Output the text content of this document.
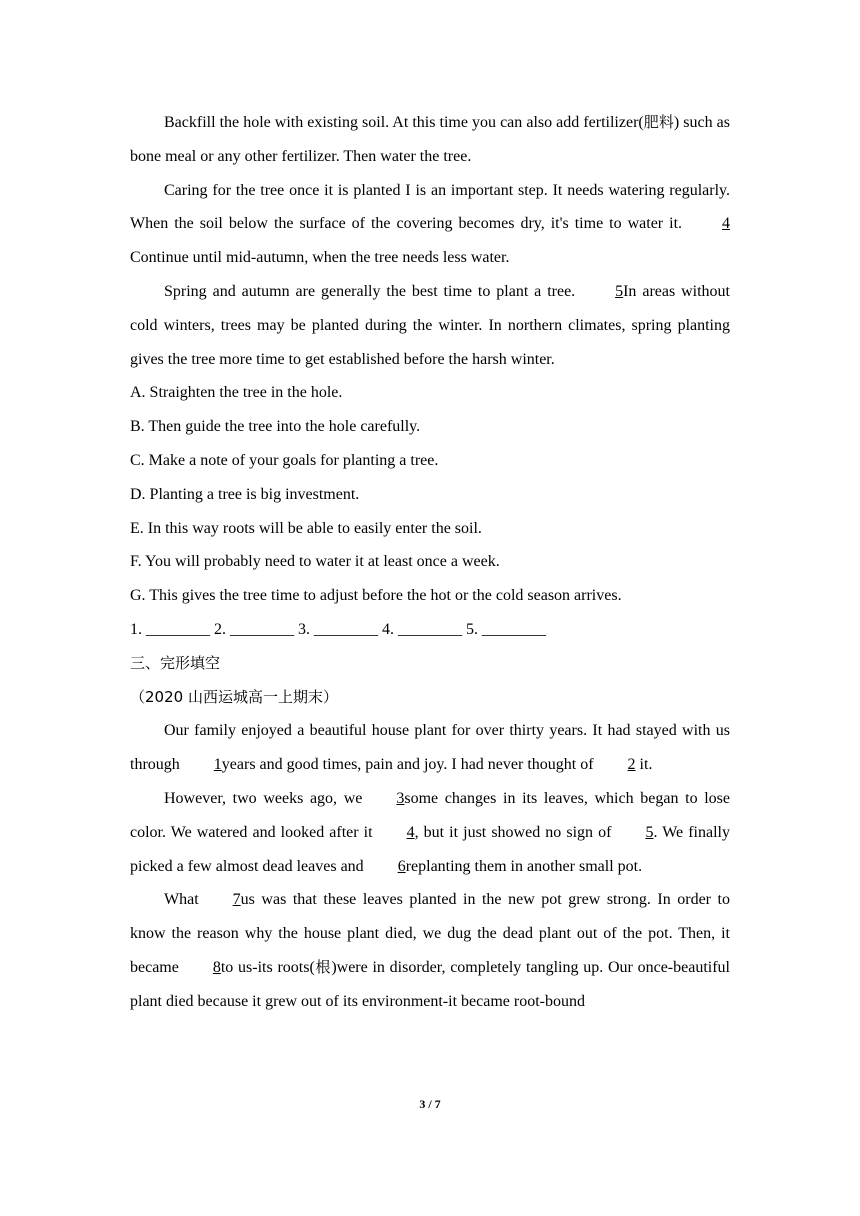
Backfill the hole with existing soil. At this time you can also add fertilizer(肥料) such as bone meal or any other fertilizer. Then water the tree.

Caring for the tree once it is planted I is an important step. It needs watering regularly. When the soil below the surface of the covering becomes dry, it's time to water it. 4Continue until mid-autumn, when the tree needs less water.

Spring and autumn are generally the best time to plant a tree. 5In areas without cold winters, trees may be planted during the winter. In northern climates, spring planting gives the tree more time to get established before the harsh winter.

A. Straighten the tree in the hole.

B. Then guide the tree into the hole carefully.

C. Make a note of your goals for planting a tree.

D. Planting a tree is big investment.

E. In this way roots will be able to easily enter the soil.

F. You will probably need to water it at least once a week.

G. This gives the tree time to adjust before the hot or the cold season arrives.

1. ________ 2. ________ 3. ________ 4. ________ 5. ________

三、完形填空

（2020 山西运城高一上期末）

Our family enjoyed a beautiful house plant for over thirty years. It had stayed with us through 1years and good times, pain and joy. I had never thought of 2 it.

However, two weeks ago, we 3some changes in its leaves, which began to lose color. We watered and looked after it 4, but it just showed no sign of 5. We finally picked a few almost dead leaves and 6replanting them in another small pot.

What 7us was that these leaves planted in the new pot grew strong. In order to know the reason why the house plant died, we dug the dead plant out of the pot. Then, it became 8to us-its roots(根)were in disorder, completely tangling up. Our once-beautiful plant died because it grew out of its environment-it became root-bound

3 / 7
